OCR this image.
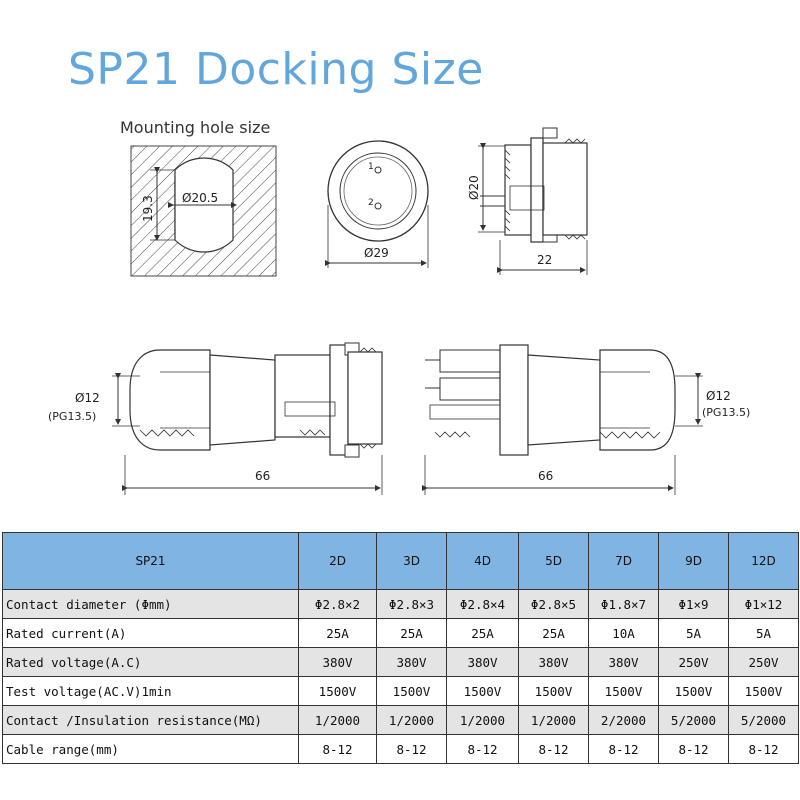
SP21 Docking Size
Mounting hole size
Ø20.5
19.3
1
2
Ø29
Ø20
22
Ø12
(PG13.5)
66
Ø12
(PG13.5)
66
SP21	2D	3D	4D	5D	7D	9D	12D
Contact diameter (Φmm)	Φ2.8×2	Φ2.8×3	Φ2.8×4	Φ2.8×5	Φ1.8×7	Φ1×9	Φ1×12
Rated current(A)	25A	25A	25A	25A	10A	5A	5A
Rated voltage(A.C)	380V	380V	380V	380V	380V	250V	250V
Test voltage(AC.V)1min	1500V	1500V	1500V	1500V	1500V	1500V	1500V
Contact /Insulation resistance(MΩ)	1/2000	1/2000	1/2000	1/2000	2/2000	5/2000	5/2000
Cable range(mm)	8-12	8-12	8-12	8-12	8-12	8-12	8-12
